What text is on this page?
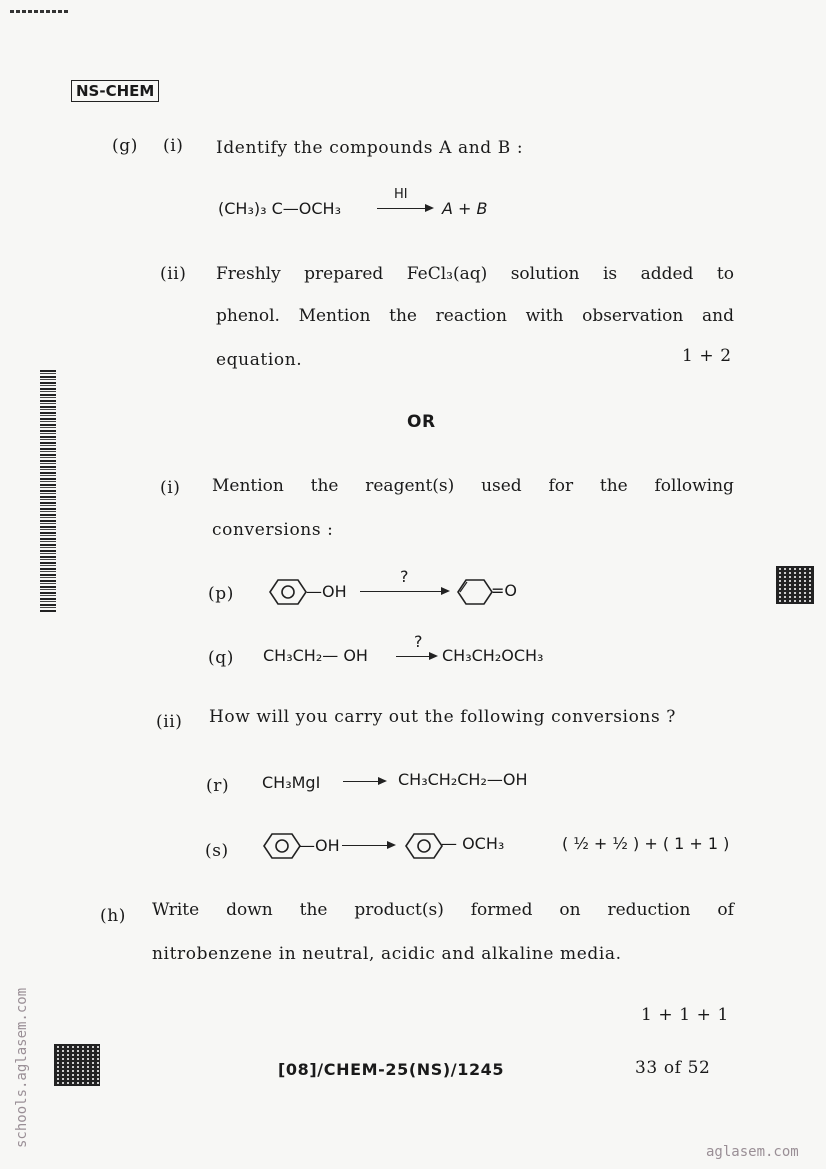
NS-CHEM
(g) (i) Identify the compounds A and B :
(CH₃)₃ C—OCH₃
HI
A + B
(ii) Freshly prepared FeCl₃(aq) solution is added to
phenol. Mention the reaction with observation and
equation.	1 + 2
OR
(i) Mention the reagent(s) used for the following
conversions :
(p)	—OH
?
=O
(q) CH₃CH₂— OH
?
CH₃CH₂OCH₃
(ii) How will you carry out the following conversions ?
(r) CH₃MgI	CH₃CH₂CH₂—OH
(s)	—OH	— OCH₃	( ½ + ½ ) + ( 1 + 1 )
(h) Write down the product(s) formed on reduction of
nitrobenzene in neutral, acidic and alkaline media.
1 + 1 + 1
[08]/CHEM-25(NS)/1245	33 of 52
schools.aglasem.com
aglasem.com
